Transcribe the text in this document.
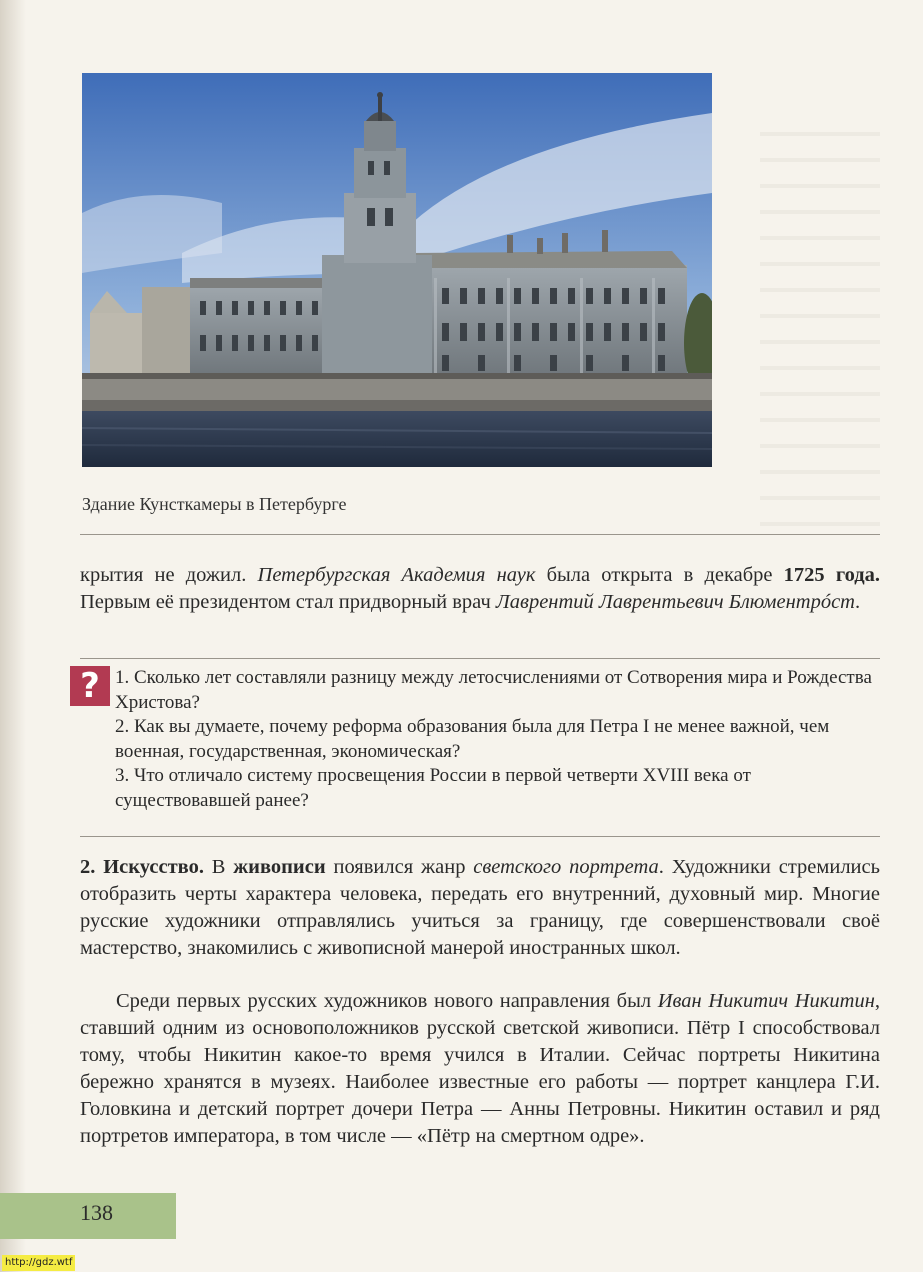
Здание Кунсткамеры в Петербурге

крытия не дожил. Петербургская Академия наук была открыта в декабре 1725 года. Первым её президентом стал придворный врач Лаврентий Лаврентьевич Блюментрóст.

? 1. Сколько лет составляли разницу между летосчислениями от Сотворения мира и Рождества Христова?
2. Как вы думаете, почему реформа образования была для Петра I не менее важной, чем военная, государственная, экономическая?
3. Что отличало систему просвещения России в первой четверти XVIII века от существовавшей ранее?

2. Искусство. В живописи появился жанр светского портрета. Художники стремились отобразить черты характера человека, передать его внутренний, духовный мир. Многие русские художники отправлялись учиться за границу, где совершенствовали своё мастерство, знакомились с живописной манерой иностранных школ.

Среди первых русских художников нового направления был Иван Никитич Никитин, ставший одним из основоположников русской светской живописи. Пётр I способствовал тому, чтобы Никитин какое-то время учился в Италии. Сейчас портреты Никитина бережно хранятся в музеях. Наиболее известные его работы — портрет канцлера Г.И. Головкина и детский портрет дочери Петра — Анны Петровны. Никитин оставил и ряд портретов императора, в том числе — «Пётр на смертном одре».

138
http://gdz.wtf
